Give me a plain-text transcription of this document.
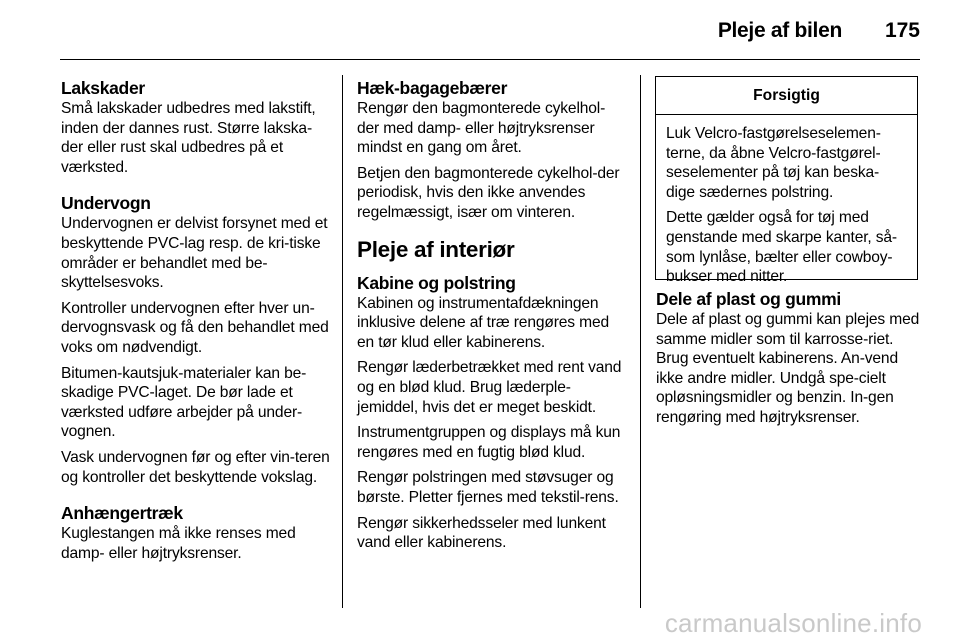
Pleje af bilen 175
Lakskader

Små lakskader udbedres med lakstift, inden der dannes rust. Større lakska-der eller rust skal udbedres på et værksted.

Undervogn

Undervognen er delvist forsynet med et beskyttende PVC-lag resp. de kri-tiske områder er behandlet med be-skyttelsesvoks.

Kontroller undervognen efter hver un-dervognsvask og få den behandlet med voks om nødvendigt.

Bitumen-kautsjuk-materialer kan be-skadige PVC-laget. De bør lade et værksted udføre arbejder på under-vognen.

Vask undervognen før og efter vin-teren og kontroller det beskyttende vokslag.

Anhængertræk

Kuglestangen må ikke renses med damp- eller højtryksrenser.

Hæk-bagagebærer

Rengør den bagmonterede cykelhol-der med damp- eller højtryksrenser mindst en gang om året.

Betjen den bagmonterede cykelhol-der periodisk, hvis den ikke anvendes regelmæssigt, især om vinteren.

Pleje af interiør
Kabine og polstring

Kabinen og instrumentafdækningen inklusive delene af træ rengøres med en tør klud eller kabinerens.

Rengør læderbetrækket med rent vand og en blød klud. Brug læderple-jemiddel, hvis det er meget beskidt.

Instrumentgruppen og displays må kun rengøres med en fugtig blød klud.

Rengør polstringen med støvsuger og børste. Pletter fjernes med tekstil-rens.

Rengør sikkerhedsseler med lunkent vand eller kabinerens.

Forsigtig

Luk Velcro-fastgørelseselemen-terne, da åbne Velcro-fastgørel-seselementer på tøj kan beska-dige sædernes polstring.

Dette gælder også for tøj med genstande med skarpe kanter, så-som lynlåse, bælter eller cowboy-bukser med nitter.

Dele af plast og gummi

Dele af plast og gummi kan plejes med samme midler som til karrosse-riet. Brug eventuelt kabinerens. An-vend ikke andre midler. Undgå spe-cielt opløsningsmidler og benzin. In-gen rengøring med højtryksrenser.

carmanualsonline.info
